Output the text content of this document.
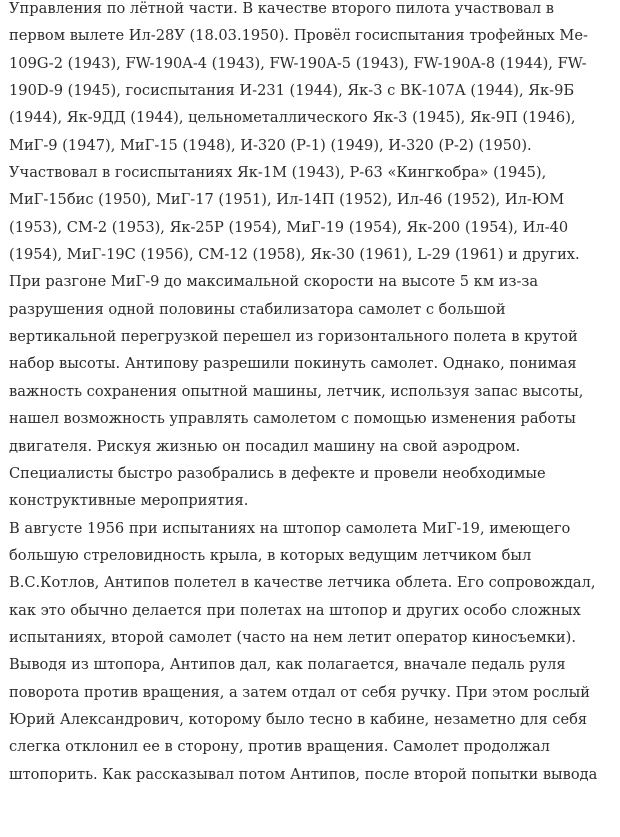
Управления по лётной части. В качестве второго пилота участвовал в
первом вылете Ил-28У (18.03.1950). Провёл госиспытания трофейных Ме-
109G-2 (1943), FW-190A-4 (1943), FW-190A-5 (1943), FW-190A-8 (1944), FW-
190D-9 (1945), госиспытания И-231 (1944), Як-3 с ВК-107А (1944), Як-9Б
(1944), Як-9ДД (1944), цельнометаллического Як-3 (1945), Як-9П (1946),
МиГ-9 (1947), МиГ-15 (1948), И-320 (Р-1) (1949), И-320 (Р-2) (1950).
Участвовал в госиспытаниях Як-1М (1943), Р-63 «Кингкобра» (1945),
МиГ-15бис (1950), МиГ-17 (1951), Ил-14П (1952), Ил-46 (1952), Ил-ЮМ
(1953), СМ-2 (1953), Як-25Р (1954), МиГ-19 (1954), Як-200 (1954), Ил-40
(1954), МиГ-19С (1956), СМ-12 (1958), Як-30 (1961), L-29 (1961) и других.

При разгоне МиГ-9 до максимальной скорости на высоте 5 км из-за
разрушения одной половины стабилизатора самолет с большой
вертикальной перегрузкой перешел из горизонтального полета в крутой
набор высоты. Антипову разрешили покинуть самолет. Однако, понимая
важность сохранения опытной машины, летчик, используя запас высоты,
нашел возможность управлять самолетом с помощью изменения работы
двигателя. Рискуя жизнью он посадил машину на свой аэродром.
Специалисты быстро разобрались в дефекте и провели необходимые
конструктивные мероприятия.

В августе 1956 при испытаниях на штопор самолета МиГ-19, имеющего
большую стреловидность крыла, в которых ведущим летчиком был
В.С.Котлов, Антипов полетел в качестве летчика облета. Его сопровождал,
как это обычно делается при полетах на штопор и других особо сложных
испытаниях, второй самолет (часто на нем летит оператор киносъемки).
Выводя из штопора, Антипов дал, как полагается, вначале педаль руля
поворота против вращения, а затем отдал от себя ручку. При этом рослый
Юрий Александрович, которому было тесно в кабине, незаметно для себя
слегка отклонил ее в сторону, против вращения. Самолет продолжал
штопорить. Как рассказывал потом Антипов, после второй попытки вывода
